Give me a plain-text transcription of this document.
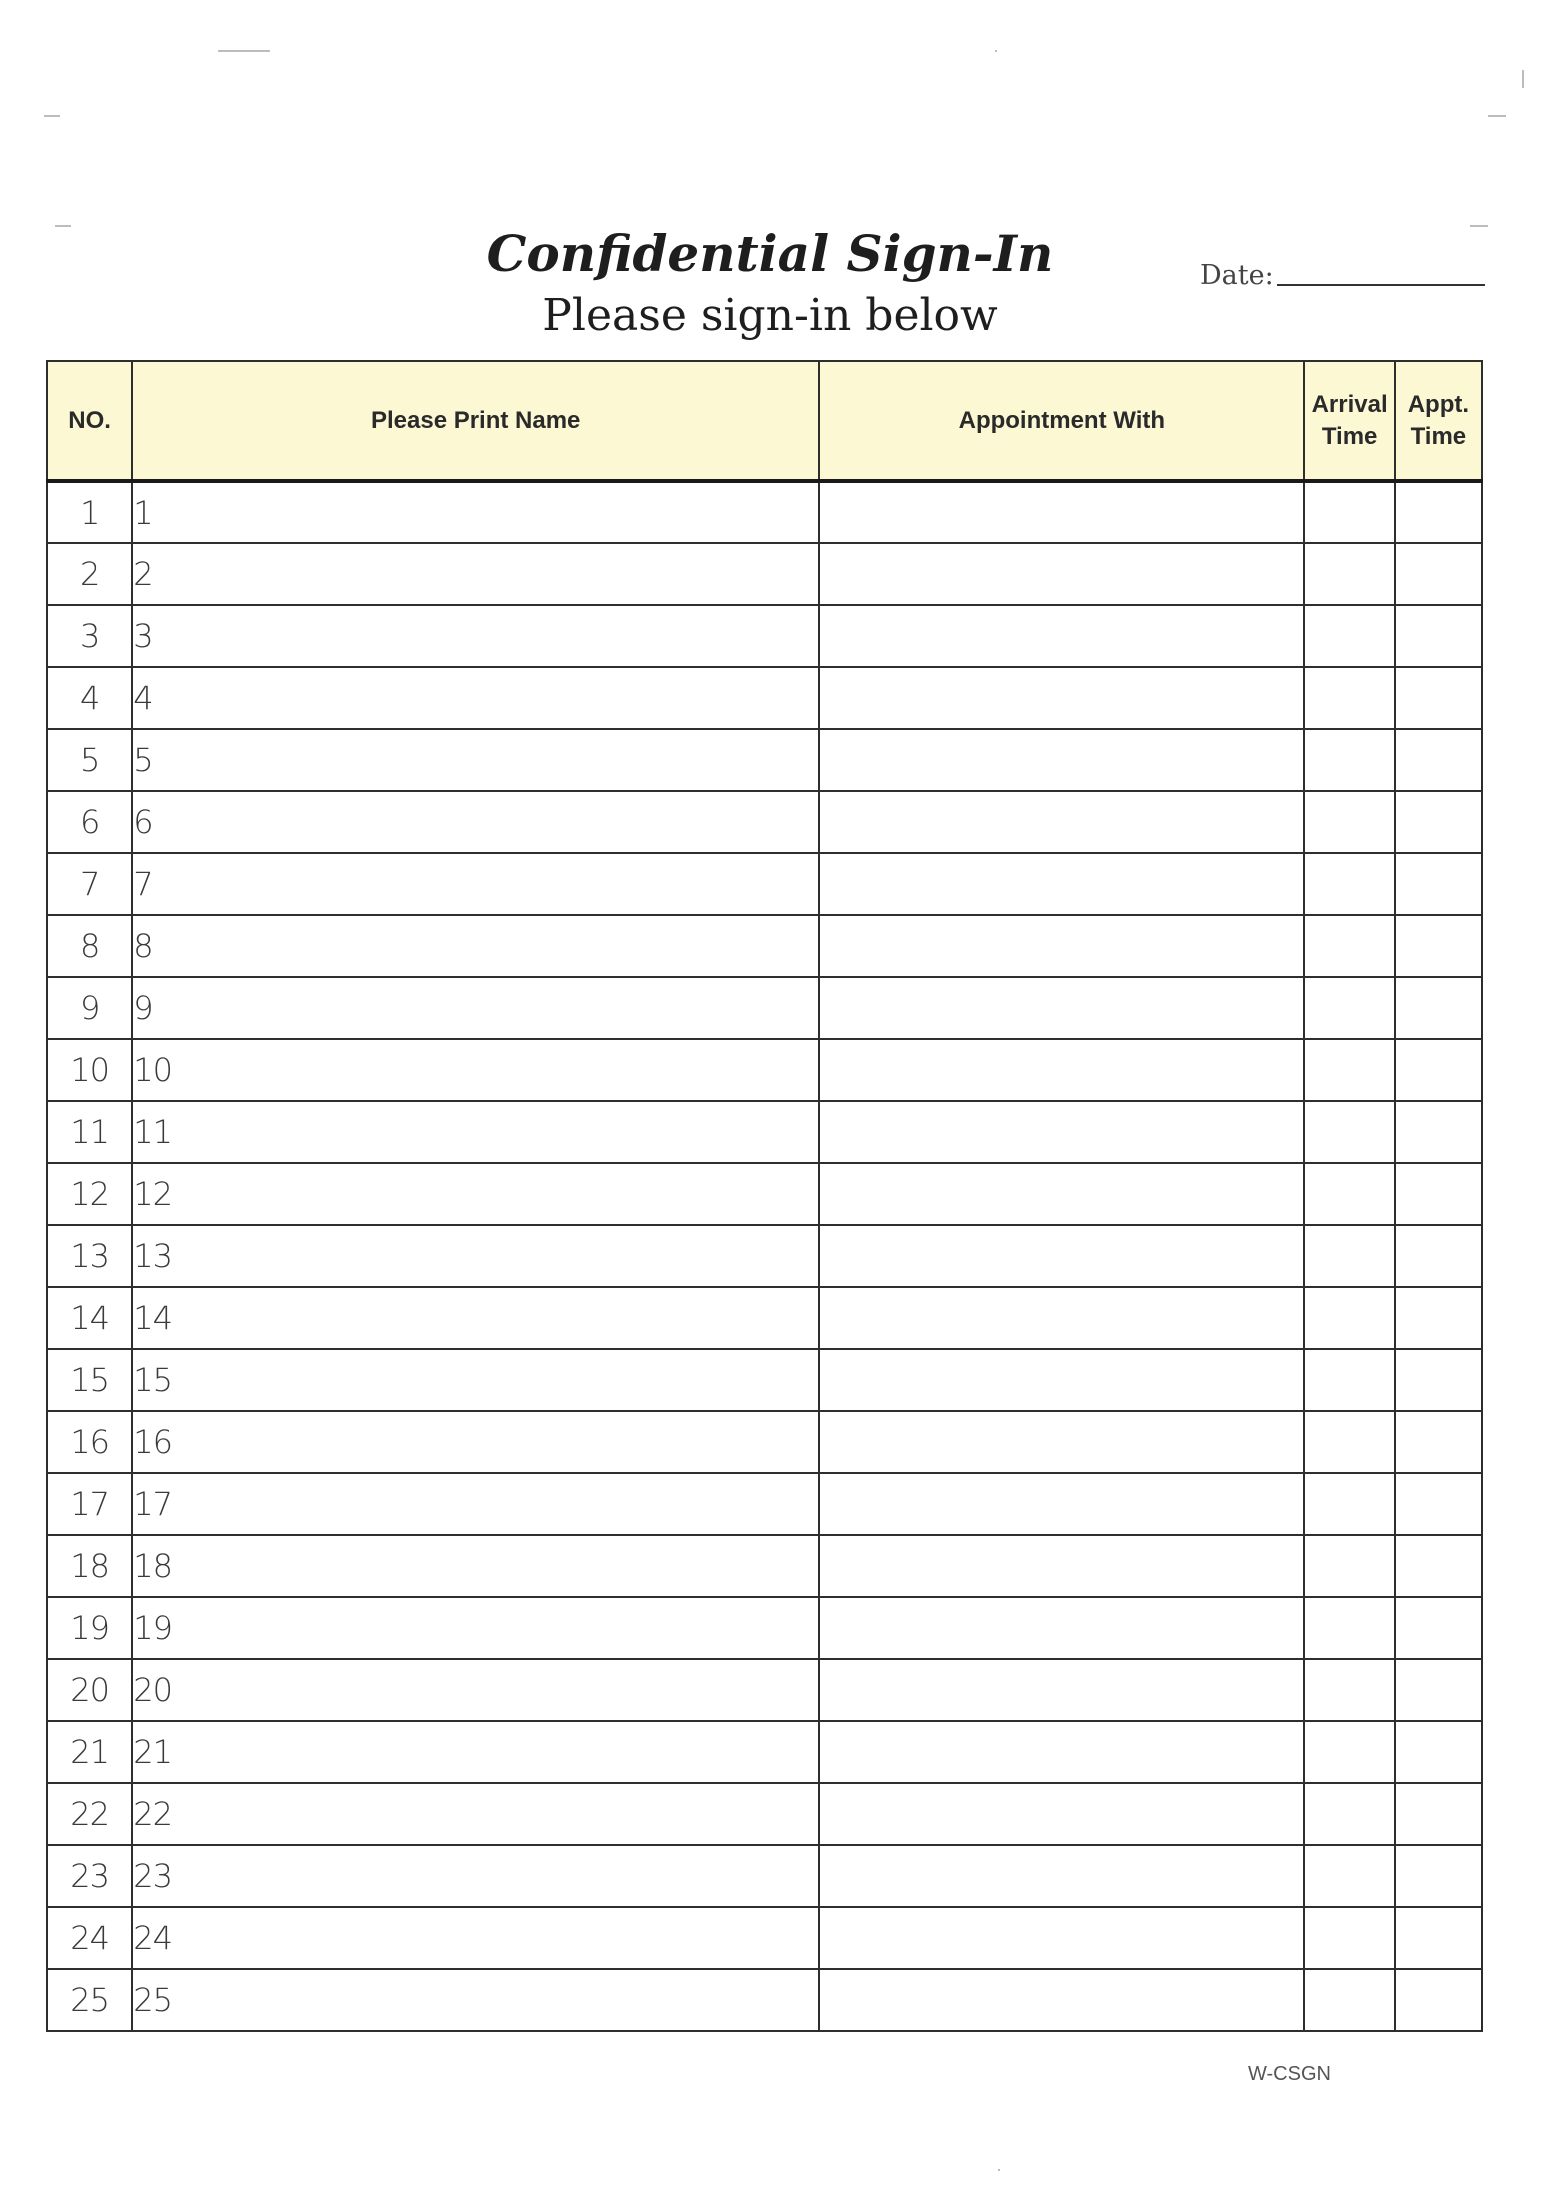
Confidential Sign-In
Please sign-in below
Date:
NO.	Please Print Name	Appointment With	Arrival Time	Appt. Time
1	1			
2	2			
3	3			
4	4			
5	5			
6	6			
7	7			
8	8			
9	9			
10	10			
11	11			
12	12			
13	13			
14	14			
15	15			
16	16			
17	17			
18	18			
19	19			
20	20			
21	21			
22	22			
23	23			
24	24			
25	25			
W-CSGN
